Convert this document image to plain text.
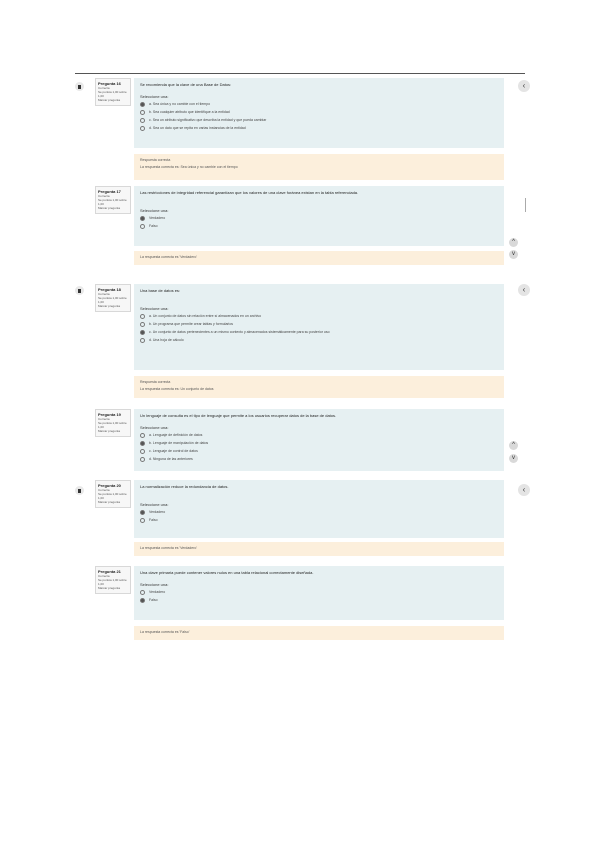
‹
Pregunta 16
Correcta
Se puntúa 1,00 sobre 1,00
Marcar pregunta
Se recomienda que la clave de una Base de Datos:
Seleccione una:
a. Sea única y no cambie con el tiempo
b. Sea cualquier atributo que identifique a la entidad
c. Sea un atributo significativo que describa la entidad y que pueda cambiar
d. Sea un dato que se repita en varias instancias de la entidad
Respuesta correcta
La respuesta correcta es: Sea única y no cambie con el tiempo
Pregunta 17
Correcta
Se puntúa 1,00 sobre 1,00
Marcar pregunta
Las restricciones de integridad referencial garantizan que los valores de una clave foránea existan en la tabla referenciada.
Seleccione una:
Verdadero
Falso
^
v
La respuesta correcta es 'Verdadero'
‹
Pregunta 18
Correcta
Se puntúa 1,00 sobre 1,00
Marcar pregunta
Una base de datos es:
Seleccione una:
a. Un conjunto de datos sin relación entre sí almacenados en un archivo
b. Un programa que permite crear tablas y formularios
c. Un conjunto de datos pertenecientes a un mismo contexto y almacenados sistemáticamente para su posterior uso
d. Una hoja de cálculo
Respuesta correcta
La respuesta correcta es: Un conjunto de datos
Pregunta 19
Correcta
Se puntúa 1,00 sobre 1,00
Marcar pregunta
Un lenguaje de consulta es el tipo de lenguaje que permite a los usuarios recuperar datos de la base de datos.
Seleccione una:
a. Lenguaje de definición de datos
b. Lenguaje de manipulación de datos
c. Lenguaje de control de datos
d. Ninguna de las anteriores
^
v
‹
Pregunta 20
Correcta
Se puntúa 1,00 sobre 1,00
Marcar pregunta
La normalización reduce la redundancia de datos.
Seleccione una:
Verdadero
Falso
La respuesta correcta es 'Verdadero'
Pregunta 21
Correcta
Se puntúa 1,00 sobre 1,00
Marcar pregunta
Una clave primaria puede contener valores nulos en una tabla relacional correctamente diseñada.
Seleccione una:
Verdadero
Falso
La respuesta correcta es 'Falso'
